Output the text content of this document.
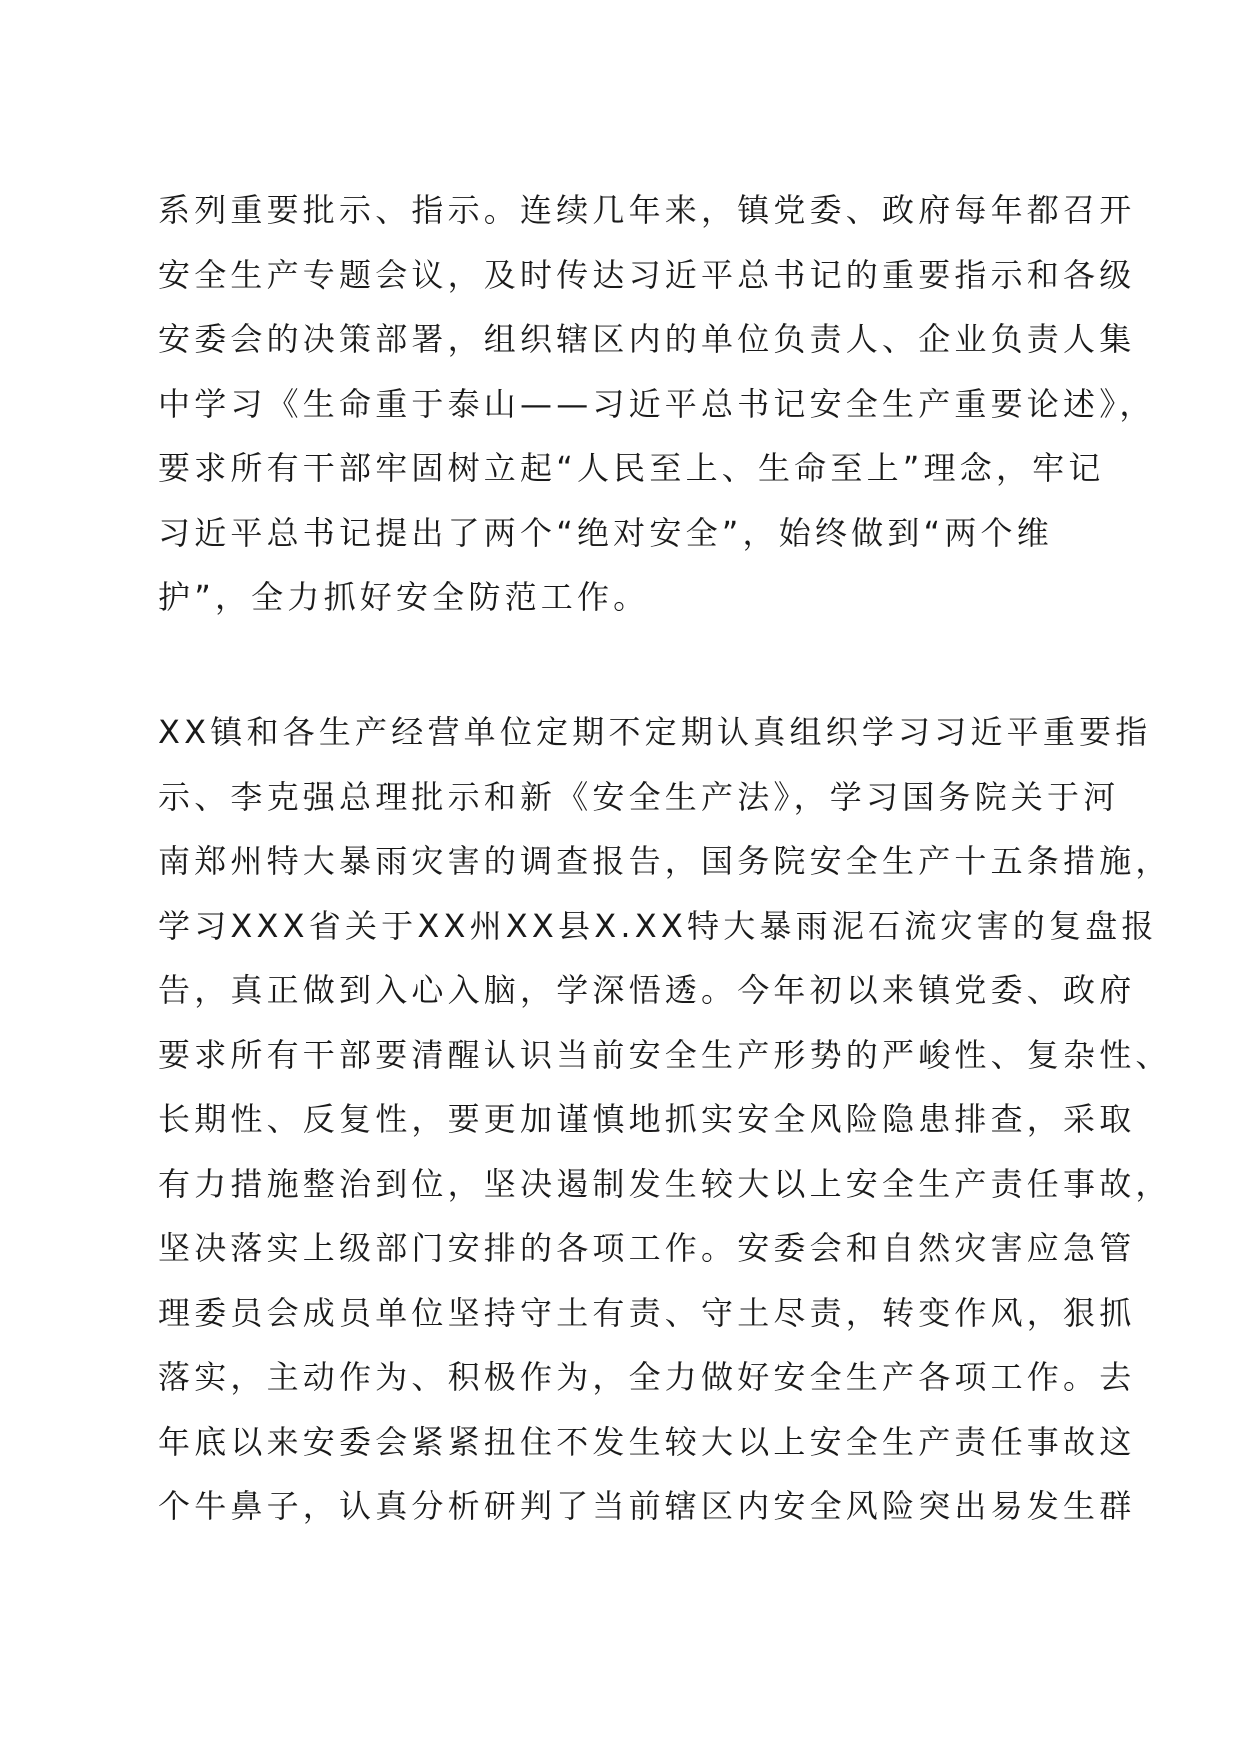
系列重要批示、指示。连续几年来，镇党委、政府每年都召开
安全生产专题会议，及时传达习近平总书记的重要指示和各级
安委会的决策部署，组织辖区内的单位负责人、企业负责人集
中学习《生命重于泰山——习近平总书记安全生产重要论述》，
要求所有干部牢固树立起“人民至上、生命至上”理念，牢记
习近平总书记提出了两个“绝对安全”，始终做到“两个维
护”，全力抓好安全防范工作。
XX镇和各生产经营单位定期不定期认真组织学习习近平重要指
示、李克强总理批示和新《安全生产法》，学习国务院关于河
南郑州特大暴雨灾害的调查报告，国务院安全生产十五条措施，
学习XXX省关于XX州XX县X.XX特大暴雨泥石流灾害的复盘报
告，真正做到入心入脑，学深悟透。今年初以来镇党委、政府
要求所有干部要清醒认识当前安全生产形势的严峻性、复杂性、
长期性、反复性，要更加谨慎地抓实安全风险隐患排查，采取
有力措施整治到位，坚决遏制发生较大以上安全生产责任事故，
坚决落实上级部门安排的各项工作。安委会和自然灾害应急管
理委员会成员单位坚持守土有责、守土尽责，转变作风，狠抓
落实，主动作为、积极作为，全力做好安全生产各项工作。去
年底以来安委会紧紧扭住不发生较大以上安全生产责任事故这
个牛鼻子，认真分析研判了当前辖区内安全风险突出易发生群
